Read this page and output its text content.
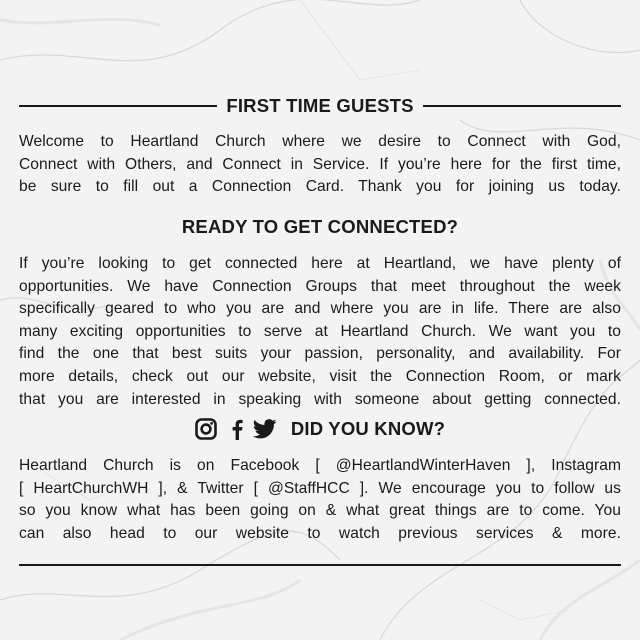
FIRST TIME GUESTS
Welcome to Heartland Church where we desire to Connect with God,
Connect with Others, and Connect in Service. If you’re here for the first time,
be sure to fill out a Connection Card. Thank you for joining us today.
READY TO GET CONNECTED?
If you’re looking to get connected here at Heartland, we have plenty of
opportunities. We have Connection Groups that meet throughout the week
specifically geared to who you are and where you are in life. There are also
many exciting opportunities to serve at Heartland Church. We want you to
find the one that best suits your passion, personality, and availability. For
more details, check out our website, visit the Connection Room, or mark
that you are interested in speaking with someone about getting connected.
DID YOU KNOW?
Heartland Church is on Facebook [ @HeartlandWinterHaven ], Instagram
[ HeartChurchWH ], & Twitter [ @StaffHCC ]. We encourage you to follow us
so you know what has been going on & what great things are to come. You
can also head to our website to watch previous services & more.
